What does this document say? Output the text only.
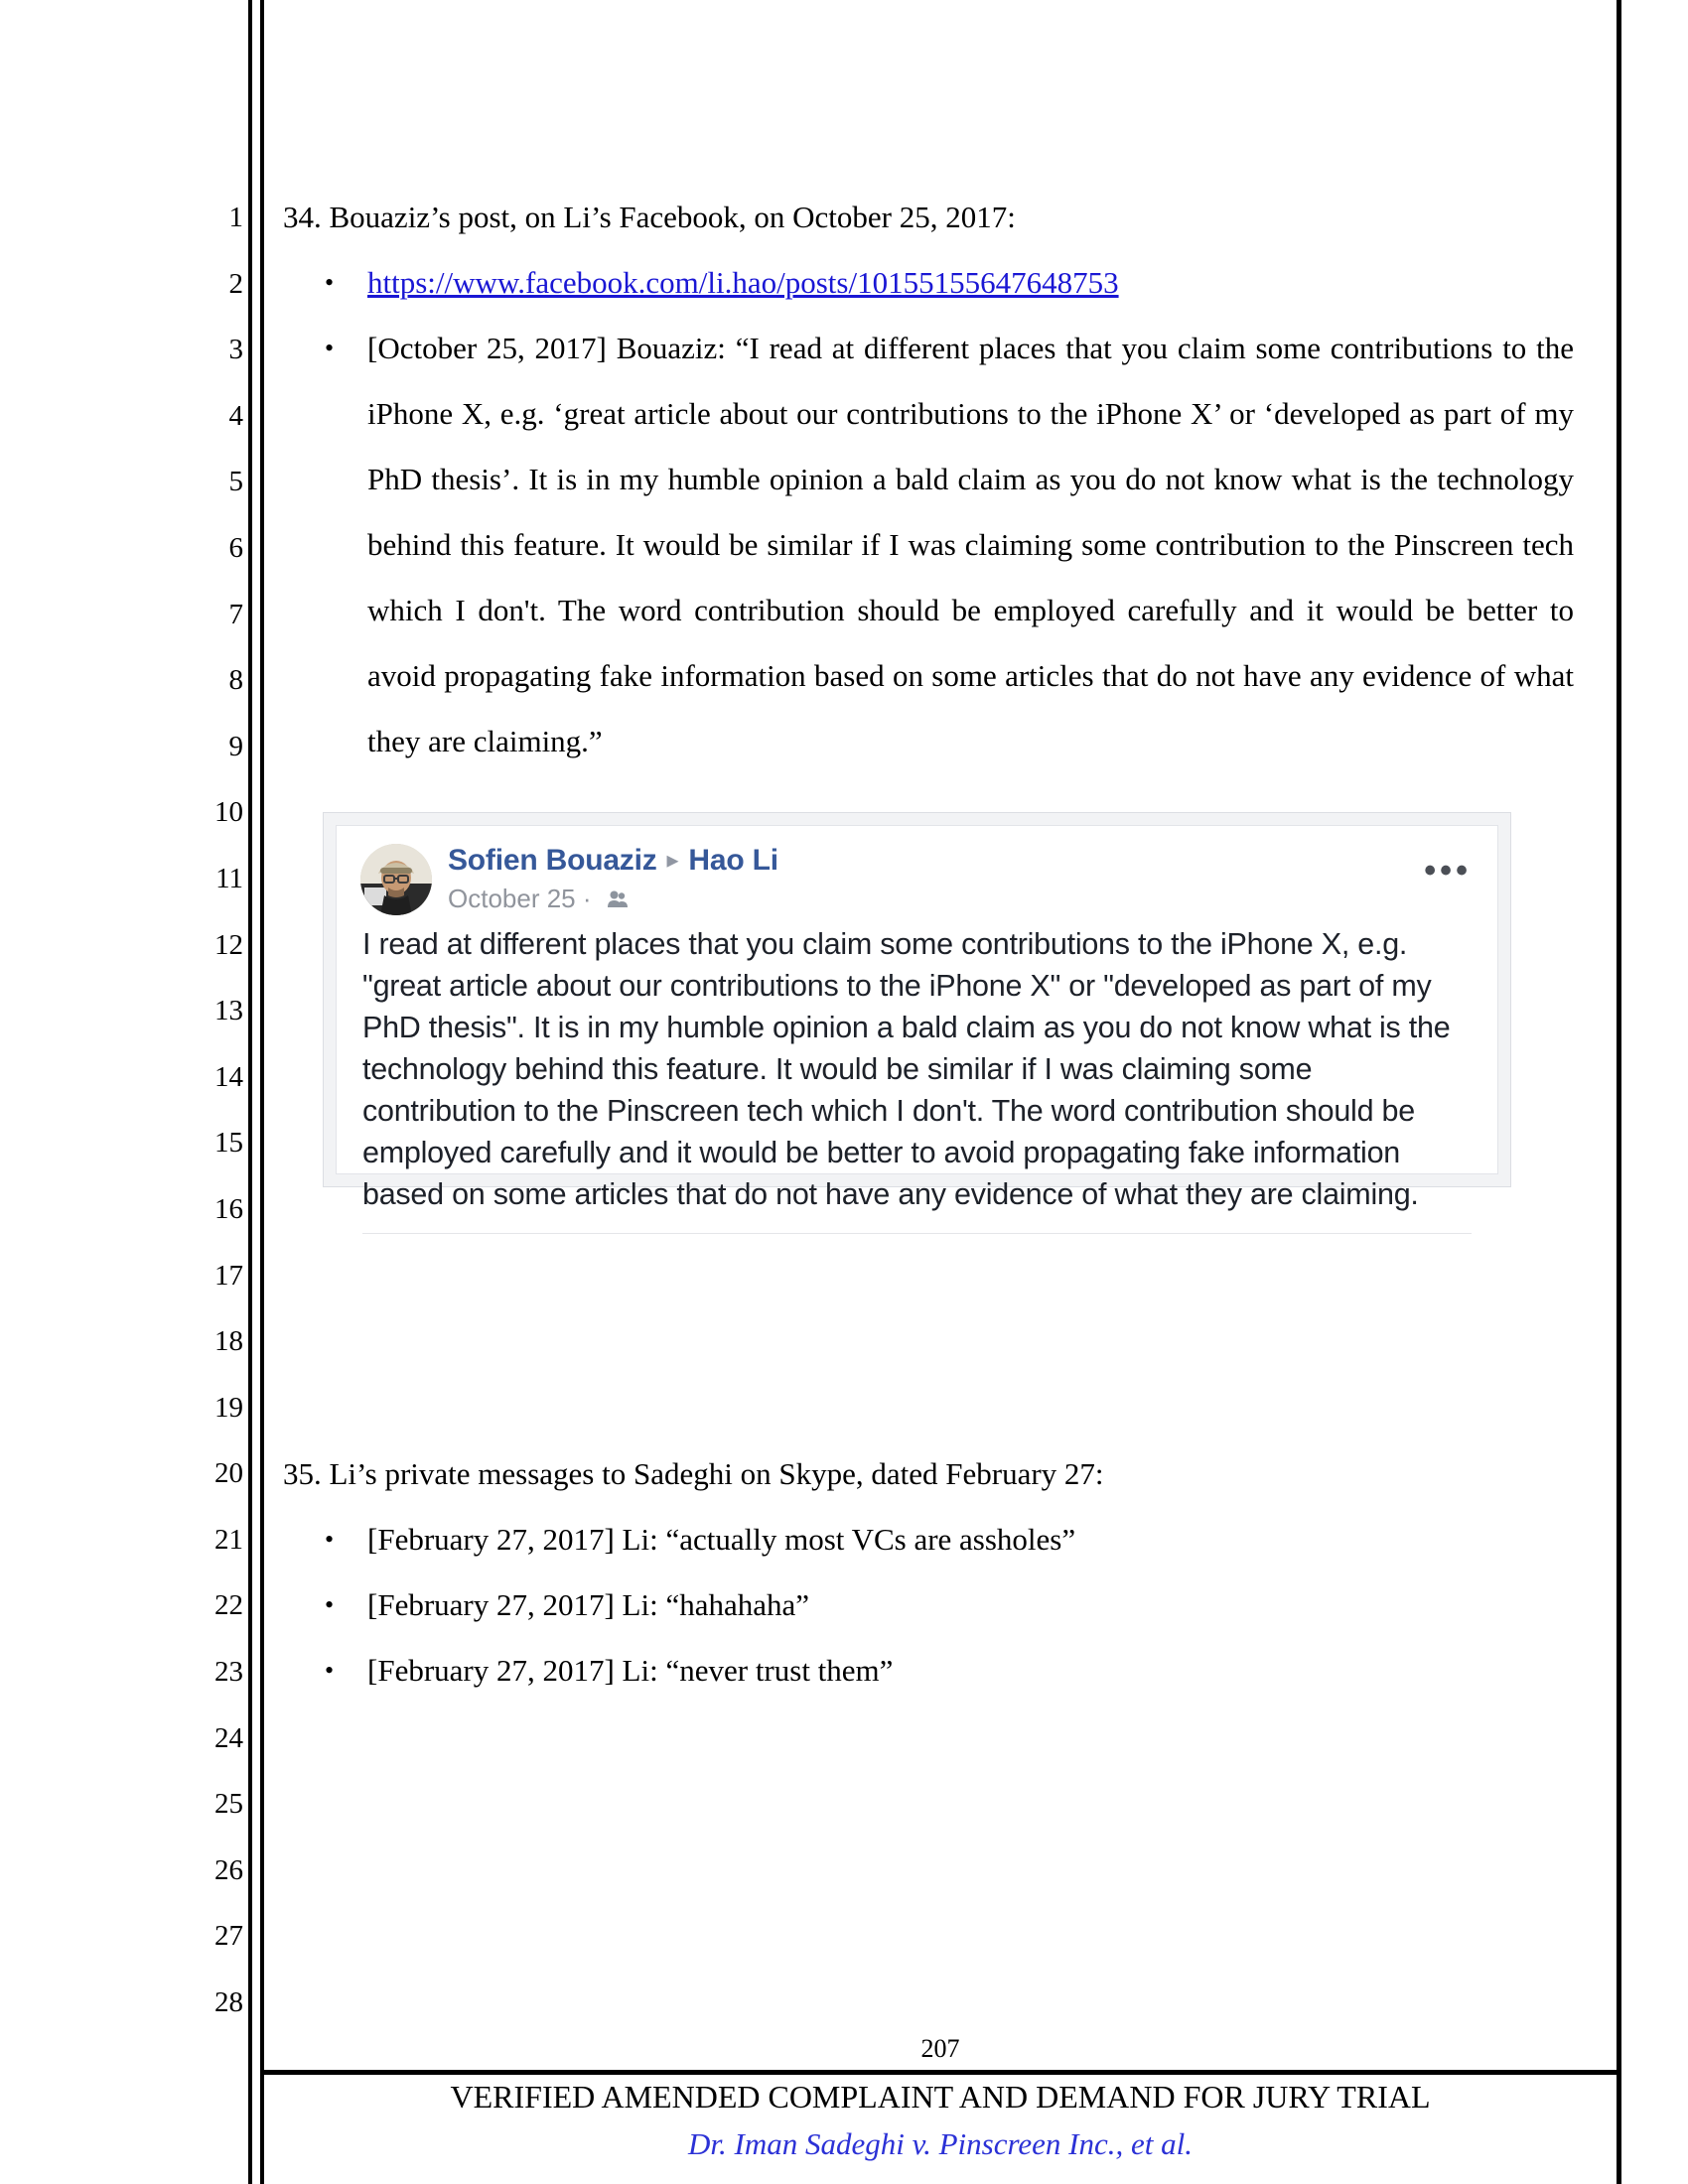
1
2
3
4
5
6
7
8
9
10
11
12
13
14
15
16
17
18
19
20
21
22
23
24
25
26
27
28
34. Bouaziz’s post, on Li’s Facebook, on October 25, 2017:
• https://www.facebook.com/li.hao/posts/10155155647648753
• [October 25, 2017] Bouaziz: “I read at different places that you claim some contributions to the iPhone X, e.g. ‘great article about our contributions to the iPhone X’ or ‘developed as part of my PhD thesis’. It is in my humble opinion a bald claim as you do not know what is the technology behind this feature. It would be similar if I was claiming some contribution to the Pinscreen tech which I don't. The word contribution should be employed carefully and it would be better to avoid propagating fake information based on some articles that do not have any evidence of what they are claiming.”
Sofien Bouaziz ▸ Hao Li
October 25 ·
•••
I read at different places that you claim some contributions to the iPhone X, e.g. "great article about our contributions to the iPhone X" or "developed as part of my PhD thesis". It is in my humble opinion a bald claim as you do not know what is the technology behind this feature. It would be similar if I was claiming some contribution to the Pinscreen tech which I don't. The word contribution should be employed carefully and it would be better to avoid propagating fake information based on some articles that do not have any evidence of what they are claiming.
35. Li’s private messages to Sadeghi on Skype, dated February 27:
• [February 27, 2017] Li: “actually most VCs are assholes”
• [February 27, 2017] Li: “hahahaha”
• [February 27, 2017] Li: “never trust them”
207
VERIFIED AMENDED COMPLAINT AND DEMAND FOR JURY TRIAL
Dr. Iman Sadeghi v. Pinscreen Inc., et al.
